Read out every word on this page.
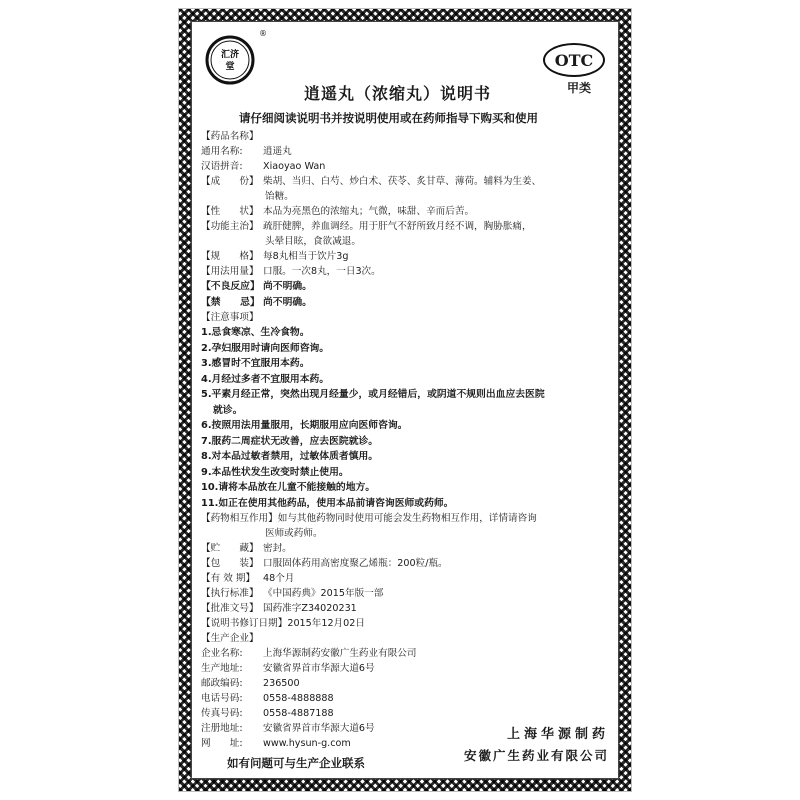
汇济
堂
®
OTC
甲类
逍遥丸（浓缩丸）说明书
请仔细阅读说明书并按说明使用或在药师指导下购买和使用
【药品名称】
通用名称: 逍遥丸
汉语拼音: Xiaoyao Wan
【成　　份】 柴胡、当归、白芍、炒白术、茯苓、炙甘草、薄荷。辅料为生姜、
饴糖。
【性　　状】 本品为亮黑色的浓缩丸；气微，味甜、辛而后苦。
【功能主治】 疏肝健脾，养血调经。用于肝气不舒所致月经不调，胸胁胀痛，
头晕目眩，食欲减退。
【规　　格】 每8丸相当于饮片3g
【用法用量】 口服。一次8丸，一日3次。
【不良反应】 尚不明确。
【禁　　忌】 尚不明确。
【注意事项】
1.忌食寒凉、生冷食物。
2.孕妇服用时请向医师咨询。
3.感冒时不宜服用本药。
4.月经过多者不宜服用本药。
5.平素月经正常，突然出现月经量少，或月经错后，或阴道不规则出血应去医院
就诊。
6.按照用法用量服用，长期服用应向医师咨询。
7.服药二周症状无改善，应去医院就诊。
8.对本品过敏者禁用，过敏体质者慎用。
9.本品性状发生改变时禁止使用。
10.请将本品放在儿童不能接触的地方。
11.如正在使用其他药品，使用本品前请咨询医师或药师。
【药物相互作用】如与其他药物同时使用可能会发生药物相互作用，详情请咨询
医师或药师。
【贮　　藏】 密封。
【包　　装】 口服固体药用高密度聚乙烯瓶：200粒/瓶。
【有 效 期】 48个月
【执行标准】 《中国药典》2015年版一部
【批准文号】 国药准字Z34020231
【说明书修订日期】2015年12月02日
【生产企业】
企业名称: 上海华源制药安徽广生药业有限公司
生产地址: 安徽省界首市华源大道6号
邮政编码: 236500
电话号码: 0558-4888888
传真号码: 0558-4887188
注册地址: 安徽省界首市华源大道6号
网　　址: www.hysun-g.com
上海华源制药
安徽广生药业有限公司
如有问题可与生产企业联系
